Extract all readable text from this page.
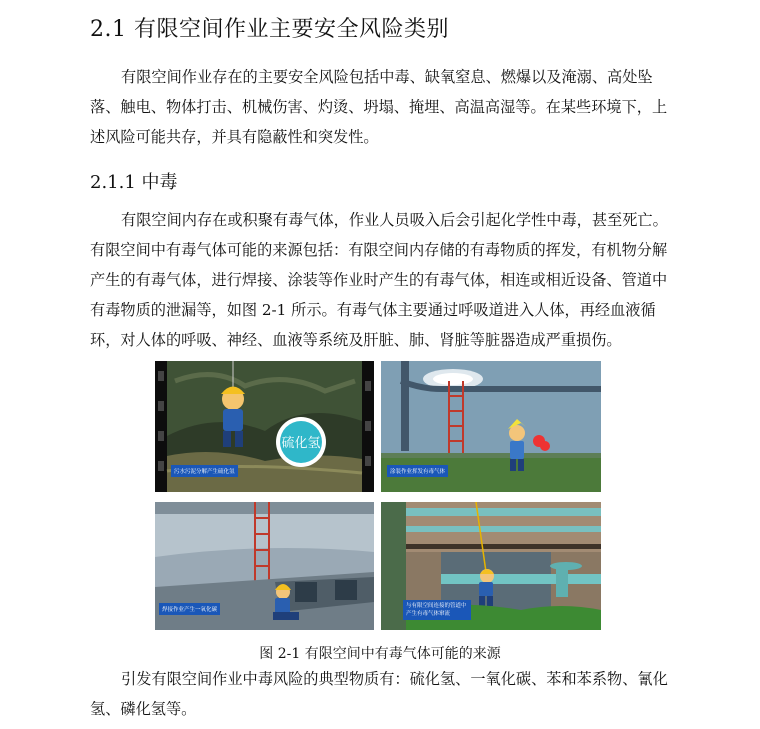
2.1 有限空间作业主要安全风险类别

有限空间作业存在的主要安全风险包括中毒、缺氧窒息、燃爆以及淹溺、高处坠落、触电、物体打击、机械伤害、灼烫、坍塌、掩埋、高温高湿等。在某些环境下，上述风险可能共存，并具有隐蔽性和突发性。

2.1.1 中毒

有限空间内存在或积聚有毒气体，作业人员吸入后会引起化学性中毒，甚至死亡。有限空间中有毒气体可能的来源包括：有限空间内存储的有毒物质的挥发，有机物分解产生的有毒气体，进行焊接、涂装等作业时产生的有毒气体，相连或相近设备、管道中有毒物质的泄漏等，如图 2-1 所示。有毒气体主要通过呼吸道进入人体，再经血液循环，对人体的呼吸、神经、血液等系统及肝脏、肺、肾脏等脏器造成严重损伤。

硫化氢
污水污泥分解产生硫化氢	涂装作业挥发有毒气体
焊接作业产生一氧化碳
与有限空间连接的管道中产生有毒气体窜流
图 2-1 有限空间中有毒气体可能的来源

引发有限空间作业中毒风险的典型物质有：硫化氢、一氧化碳、苯和苯系物、氰化氢、磷化氢等。
